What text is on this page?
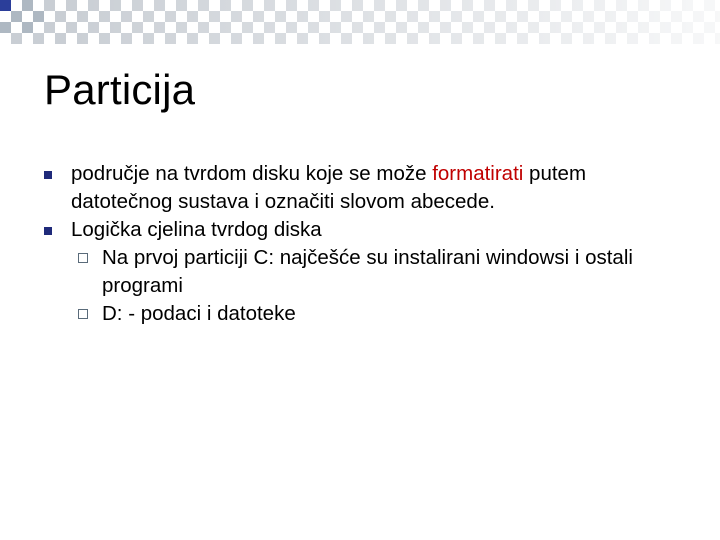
Particija
područje na tvrdom disku koje se može formatirati putem datotečnog sustava i označiti slovom abecede.
Logička cjelina tvrdog diska
Na prvoj particiji C: najčešće su instalirani windowsi i ostali programi
D: - podaci i datoteke
